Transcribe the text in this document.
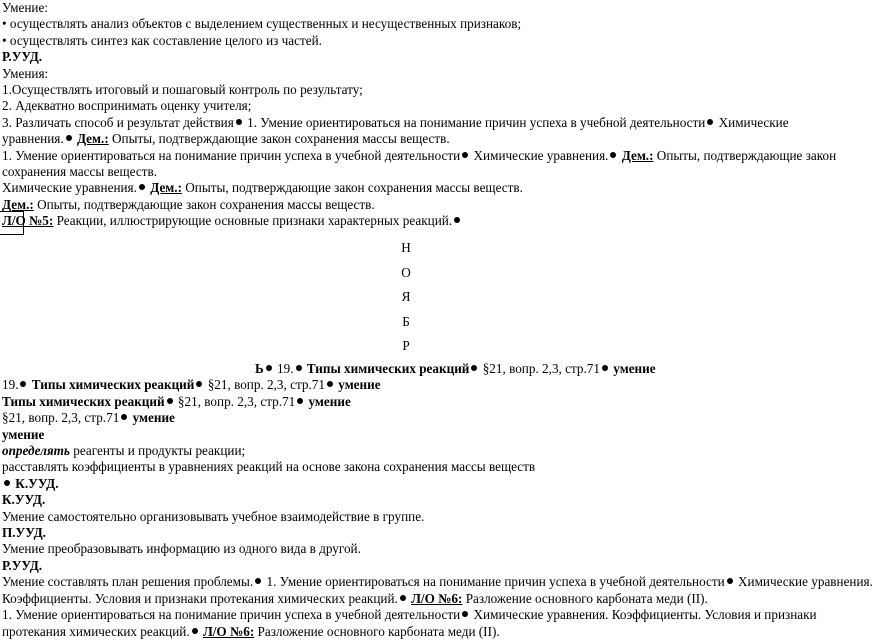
Умение:
• осуществлять анализ объектов с выделением существенных и несущественных признаков;
• осуществлять синтез как составление целого из частей.
Р.УУД.
Умения:
1.Осуществлять итоговый и пошаговый контроль по результату;
2. Адекватно воспринимать оценку учителя;
3. Различать способ и результат действия 1. Умение ориентироваться на понимание причин успеха в учебной деятельности Химические
уравнения. Дем.: Опыты, подтверждающие закон сохранения массы веществ.
1. Умение ориентироваться на понимание причин успеха в учебной деятельности Химические уравнения. Дем.: Опыты, подтверждающие закон
сохранения массы веществ.
Химические уравнения. Дем.: Опыты, подтверждающие закон сохранения массы веществ.
Дем.: Опыты, подтверждающие закон сохранения массы веществ.
Л/О №5: Реакции, иллюстрирующие основные признаки характерных реакций.
Н
О
Я
Б
Р
Ь 19. Типы химических реакций §21, вопр. 2,3, стр.71 умение
19. Типы химических реакций §21, вопр. 2,3, стр.71 умение
Типы химических реакций §21, вопр. 2,3, стр.71 умение
§21, вопр. 2,3, стр.71 умение
умение
определять реагенты и продукты реакции;
расставлять коэффициенты в уравнениях реакций на основе закона сохранения массы веществ
К.УУД.
К.УУД.
Умение самостоятельно организовывать учебное взаимодействие в группе.
П.УУД.
Умение преобразовывать информацию из одного вида в другой.
Р.УУД.
Умение составлять план решения проблемы. 1. Умение ориентироваться на понимание причин успеха в учебной деятельности Химические уравнения.
Коэффициенты. Условия и признаки протекания химических реакций. Л/О №6: Разложение основного карбоната меди (II).
1. Умение ориентироваться на понимание причин успеха в учебной деятельности Химические уравнения. Коэффициенты. Условия и признаки
протекания химических реакций. Л/О №6: Разложение основного карбоната меди (II).
